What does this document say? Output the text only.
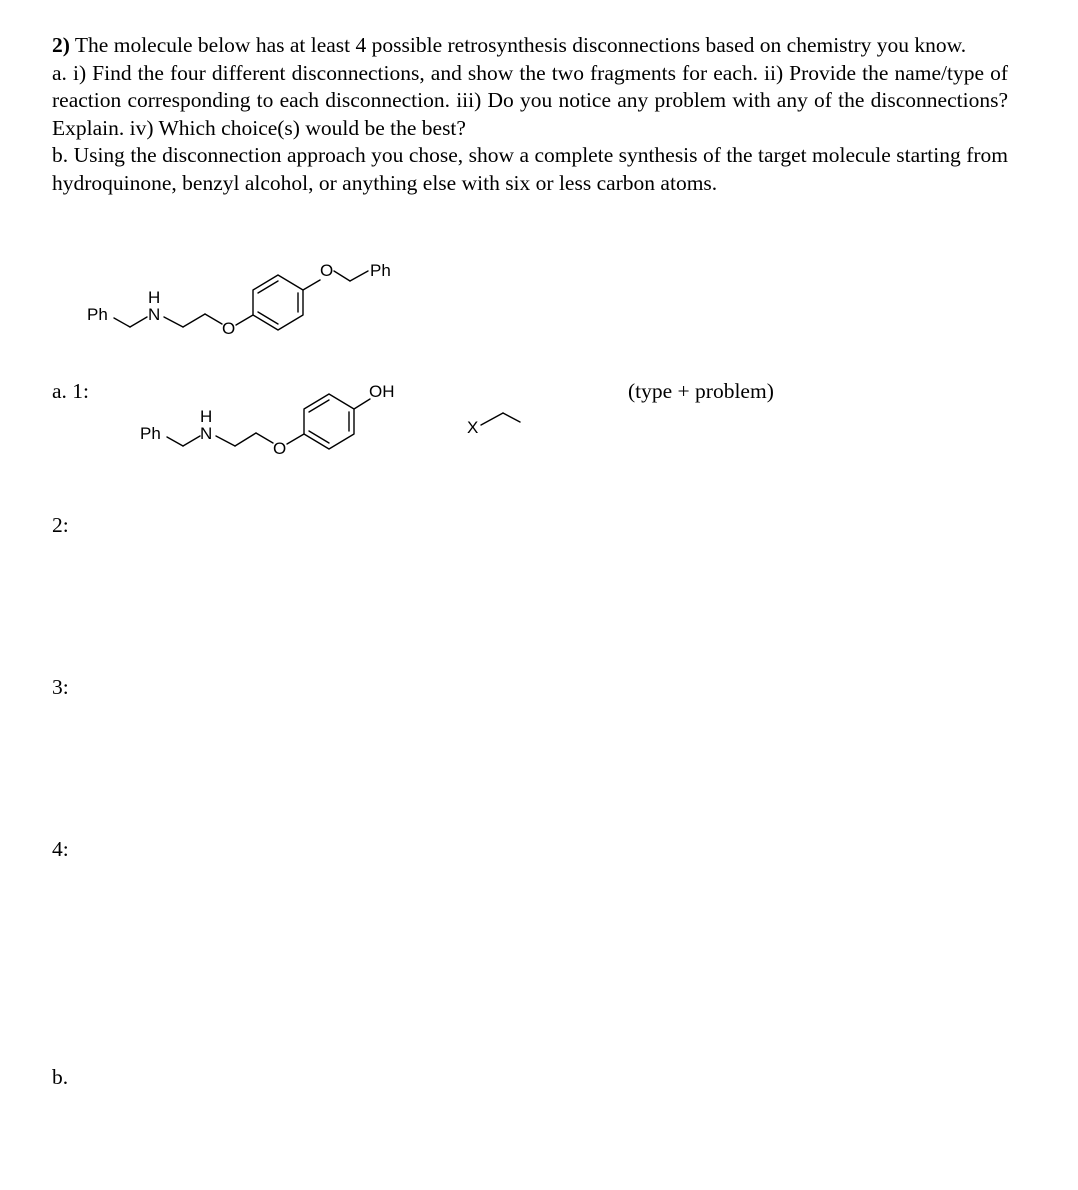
2) The molecule below has at least 4 possible retrosynthesis disconnections based on chemistry you know.

a. i) Find the four different disconnections, and show the two fragments for each. ii) Provide the name/type of reaction corresponding to each disconnection. iii) Do you notice any problem with any of the disconnections? Explain. iv) Which choice(s) would be the best?

b. Using the disconnection approach you chose, show a complete synthesis of the target molecule starting from hydroquinone, benzyl alcohol, or anything else with six or less carbon atoms.

Ph
H
N
O
O Ph
a. 1:	(type + problem)
Ph
H
N
O
OH
X
2:
3:
4:
b.
